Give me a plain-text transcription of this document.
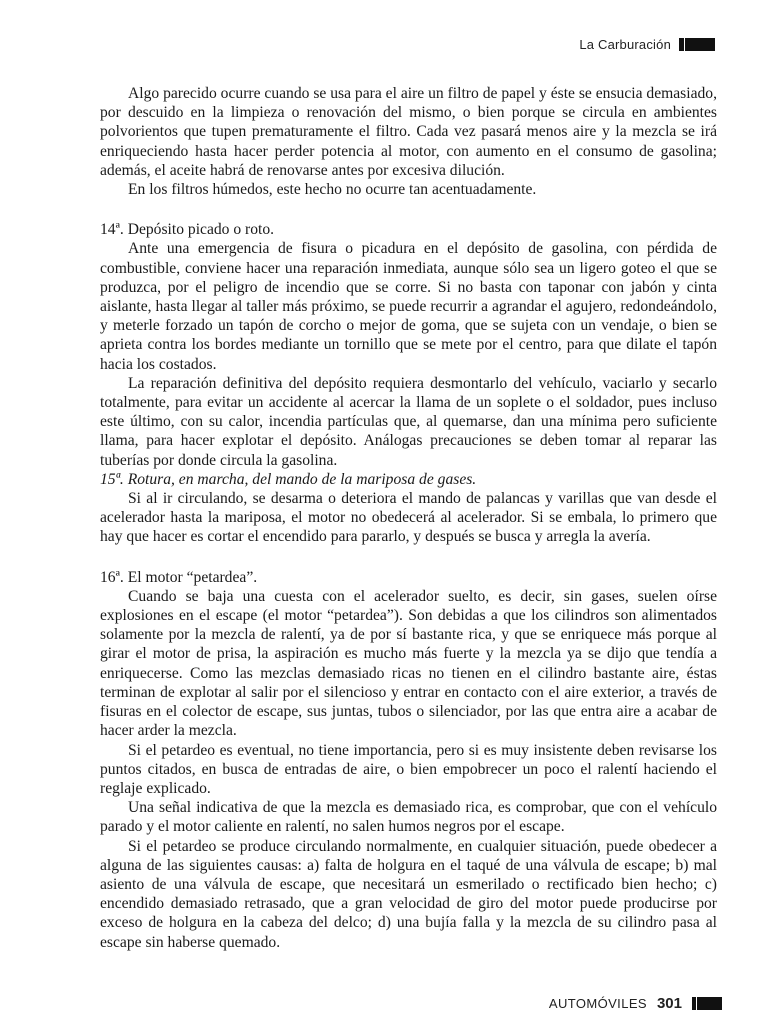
La Carburación

Algo parecido ocurre cuando se usa para el aire un filtro de papel y éste se ensucia demasiado, por descuido en la limpieza o renovación del mismo, o bien porque se circula en ambientes polvorientos que tupen prematuramente el filtro. Cada vez pasará menos aire y la mezcla se irá enriqueciendo hasta hacer perder potencia al motor, con aumento en el consumo de gasolina; además, el aceite habrá de renovarse antes por excesiva dilución.

En los filtros húmedos, este hecho no ocurre tan acentuadamente.

14ª. Depósito picado o roto.

Ante una emergencia de fisura o picadura en el depósito de gasolina, con pérdida de combustible, conviene hacer una reparación inmediata, aunque sólo sea un ligero goteo el que se produzca, por el peligro de incendio que se corre. Si no basta con taponar con jabón y cinta aislante, hasta llegar al taller más próximo, se puede recurrir a agrandar el agujero, redondeándolo, y meterle forzado un tapón de corcho o mejor de goma, que se sujeta con un vendaje, o bien se aprieta contra los bordes mediante un tornillo que se mete por el centro, para que dilate el tapón hacia los costados.

La reparación definitiva del depósito requiera desmontarlo del vehículo, vaciarlo y secarlo totalmente, para evitar un accidente al acercar la llama de un soplete o el soldador, pues incluso este último, con su calor, incendia partículas que, al quemarse, dan una mínima pero suficiente llama, para hacer explotar el depósito. Análogas precauciones se deben tomar al reparar las tuberías por donde circula la gasolina.

15ª. Rotura, en marcha, del mando de la mariposa de gases.

Si al ir circulando, se desarma o deteriora el mando de palancas y varillas que van desde el acelerador hasta la mariposa, el motor no obedecerá al acelerador. Si se embala, lo primero que hay que hacer es cortar el encendido para pararlo, y después se busca y arregla la avería.

16ª. El motor “petardea”.

Cuando se baja una cuesta con el acelerador suelto, es decir, sin gases, suelen oírse explosiones en el escape (el motor “petardea”). Son debidas a que los cilindros son alimentados solamente por la mezcla de ralentí, ya de por sí bastante rica, y que se enriquece más porque al girar el motor de prisa, la aspiración es mucho más fuerte y la mezcla ya se dijo que tendía a enriquecerse. Como las mezclas demasiado ricas no tienen en el cilindro bastante aire, éstas terminan de explotar al salir por el silencioso y entrar en contacto con el aire exterior, a través de fisuras en el colector de escape, sus juntas, tubos o silenciador, por las que entra aire a acabar de hacer arder la mezcla.

Si el petardeo es eventual, no tiene importancia, pero si es muy insistente deben revisarse los puntos citados, en busca de entradas de aire, o bien empobrecer un poco el ralentí haciendo el reglaje explicado.

Una señal indicativa de que la mezcla es demasiado rica, es comprobar, que con el vehículo parado y el motor caliente en ralentí, no salen humos negros por el escape.

Si el petardeo se produce circulando normalmente, en cualquier situación, puede obedecer a alguna de las siguientes causas: a) falta de holgura en el taqué de una válvula de escape; b) mal asiento de una válvula de escape, que necesitará un esmerilado o rectificado bien hecho; c) encendido demasiado retrasado, que a gran velocidad de giro del motor puede producirse por exceso de holgura en la cabeza del delco; d) una bujía falla y la mezcla de su cilindro pasa al escape sin haberse quemado.

AUTOMÓVILES 301
